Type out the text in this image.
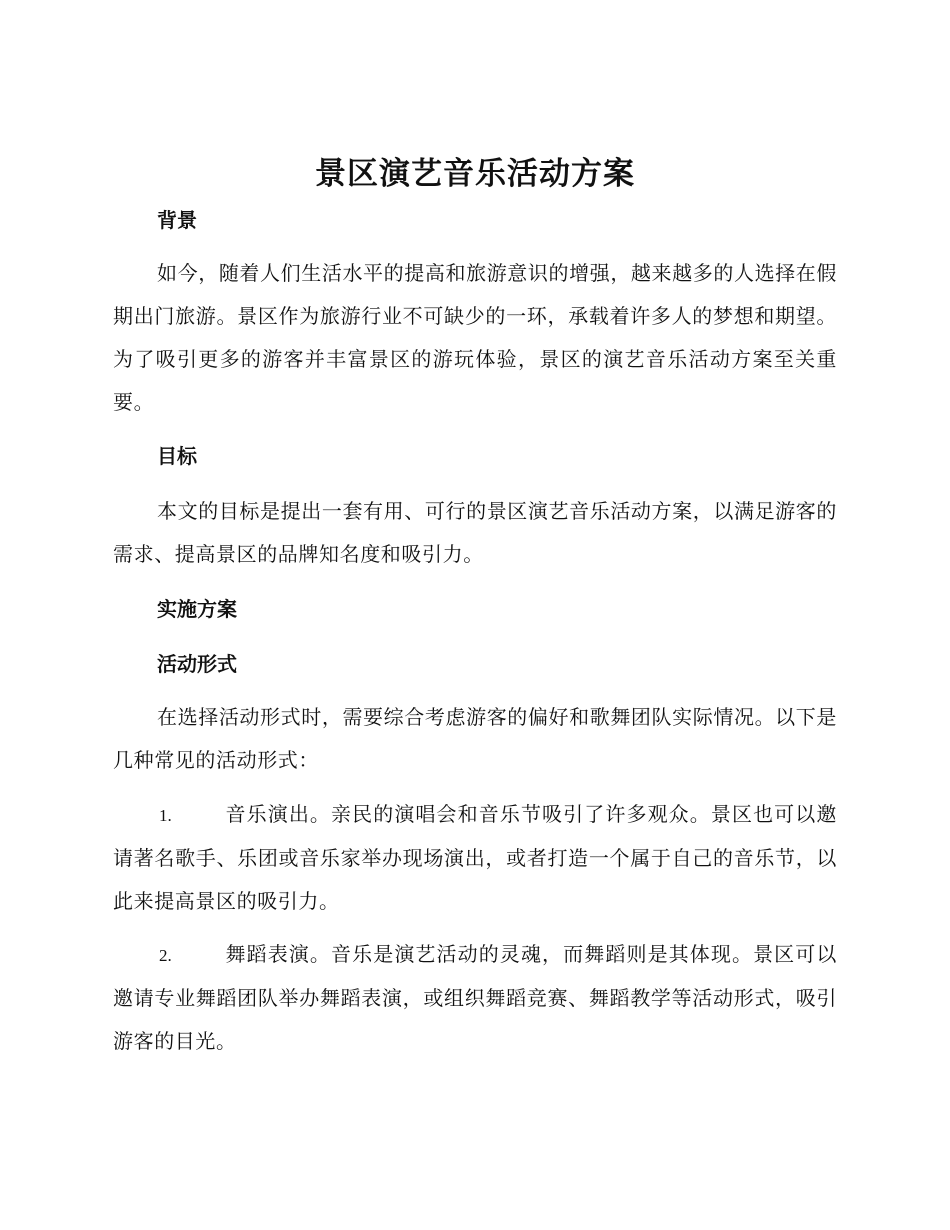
景区演艺音乐活动方案
背景

如今，随着人们生活水平的提高和旅游意识的增强，越来越多的人选择在假期出门旅游。景区作为旅游行业不可缺少的一环，承载着许多人的梦想和期望。为了吸引更多的游客并丰富景区的游玩体验，景区的演艺音乐活动方案至关重要。

目标

本文的目标是提出一套有用、可行的景区演艺音乐活动方案，以满足游客的需求、提高景区的品牌知名度和吸引力。

实施方案
活动形式

在选择活动形式时，需要综合考虑游客的偏好和歌舞团队实际情况。以下是几种常见的活动形式：

1.	音乐演出。亲民的演唱会和音乐节吸引了许多观众。景区也可以邀请著名歌手、乐团或音乐家举办现场演出，或者打造一个属于自己的音乐节，以此来提高景区的吸引力。

2.	舞蹈表演。音乐是演艺活动的灵魂，而舞蹈则是其体现。景区可以邀请专业舞蹈团队举办舞蹈表演，或组织舞蹈竞赛、舞蹈教学等活动形式，吸引游客的目光。
